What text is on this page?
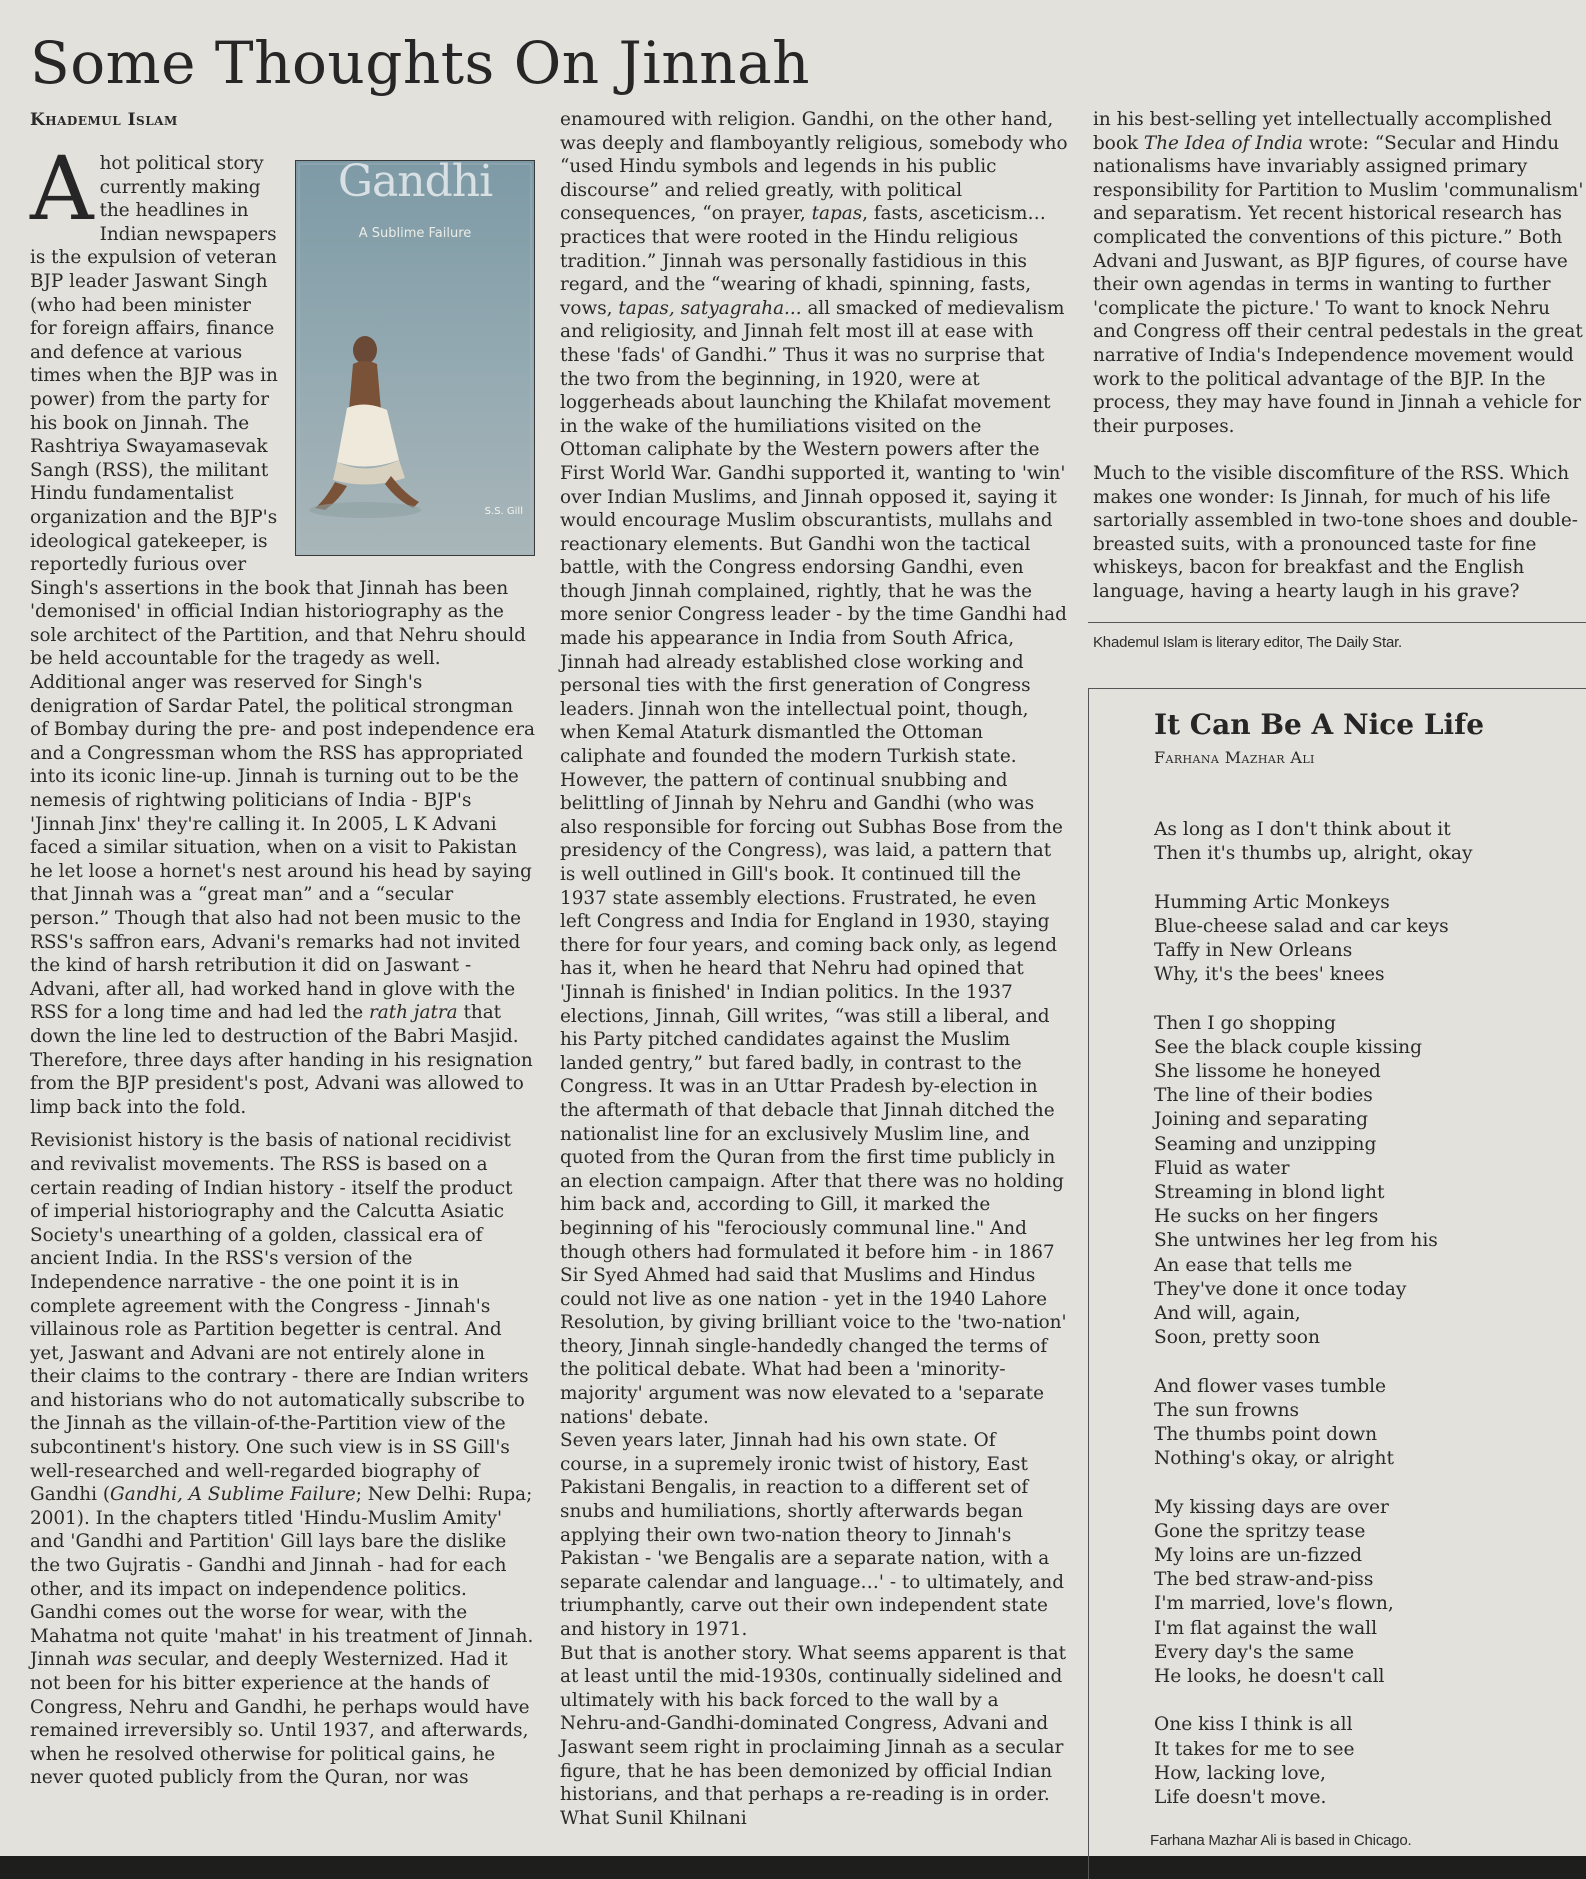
Some Thoughts On Jinnah
Khademul Islam
Gandhi
A Sublime Failure
S.S. Gill

A hot political story currently making the headlines in Indian newspapers is the expulsion of veteran BJP leader Jaswant Singh (who had been minister for foreign affairs, finance and defence at various times when the BJP was in power) from the party for his book on Jinnah. The Rashtriya Swayamasevak Sangh (RSS), the militant Hindu fundamentalist organization and the BJP's ideological gatekeeper, is reportedly furious over Singh's assertions in the book that Jinnah has been 'demonised' in official Indian historiography as the sole architect of the Partition, and that Nehru should be held accountable for the tragedy as well. Additional anger was reserved for Singh's denigration of Sardar Patel, the political strongman of Bombay during the pre- and post independence era and a Congressman whom the RSS has appropriated into its iconic line-up. Jinnah is turning out to be the nemesis of rightwing politicians of India - BJP's 'Jinnah Jinx' they're calling it. In 2005, L K Advani faced a similar situation, when on a visit to Pakistan he let loose a hornet's nest around his head by saying that Jinnah was a “great man” and a “secular person.” Though that also had not been music to the RSS's saffron ears, Advani's remarks had not invited the kind of harsh retribution it did on Jaswant - Advani, after all, had worked hand in glove with the RSS for a long time and had led the rath jatra that down the line led to destruction of the Babri Masjid. Therefore, three days after handing in his resignation from the BJP president's post, Advani was allowed to limp back into the fold.

Revisionist history is the basis of national recidivist and revivalist movements. The RSS is based on a certain reading of Indian history - itself the product of imperial historiography and the Calcutta Asiatic Society's unearthing of a golden, classical era of ancient India. In the RSS's version of the Independence narrative - the one point it is in complete agreement with the Congress - Jinnah's villainous role as Partition begetter is central. And yet, Jaswant and Advani are not entirely alone in their claims to the contrary - there are Indian writers and historians who do not automatically subscribe to the Jinnah as the villain-of-the-Partition view of the subcontinent's history. One such view is in SS Gill's well-researched and well-regarded biography of Gandhi (Gandhi, A Sublime Failure; New Delhi: Rupa; 2001). In the chapters titled 'Hindu-Muslim Amity' and 'Gandhi and Partition' Gill lays bare the dislike the two Gujratis - Gandhi and Jinnah - had for each other, and its impact on independence politics. Gandhi comes out the worse for wear, with the Mahatma not quite 'mahat' in his treatment of Jinnah. Jinnah was secular, and deeply Westernized. Had it not been for his bitter experience at the hands of Congress, Nehru and Gandhi, he perhaps would have remained irreversibly so. Until 1937, and afterwards, when he resolved otherwise for political gains, he never quoted publicly from the Quran, nor was

enamoured with religion. Gandhi, on the other hand, was deeply and flamboyantly religious, somebody who “used Hindu symbols and legends in his public discourse” and relied greatly, with political consequences, “on prayer, tapas, fasts, asceticism…practices that were rooted in the Hindu religious tradition.” Jinnah was personally fastidious in this regard, and the “wearing of khadi, spinning, fasts, vows, tapas, satyagraha... all smacked of medievalism and religiosity, and Jinnah felt most ill at ease with these 'fads' of Gandhi.” Thus it was no surprise that the two from the beginning, in 1920, were at loggerheads about launching the Khilafat movement in the wake of the humiliations visited on the Ottoman caliphate by the Western powers after the First World War. Gandhi supported it, wanting to 'win' over Indian Muslims, and Jinnah opposed it, saying it would encourage Muslim obscurantists, mullahs and reactionary elements. But Gandhi won the tactical battle, with the Congress endorsing Gandhi, even though Jinnah complained, rightly, that he was the more senior Congress leader - by the time Gandhi had made his appearance in India from South Africa, Jinnah had already established close working and personal ties with the first generation of Congress leaders. Jinnah won the intellectual point, though, when Kemal Ataturk dismantled the Ottoman caliphate and founded the modern Turkish state. However, the pattern of continual snubbing and belittling of Jinnah by Nehru and Gandhi (who was also responsible for forcing out Subhas Bose from the presidency of the Congress), was laid, a pattern that is well outlined in Gill's book. It continued till the 1937 state assembly elections. Frustrated, he even left Congress and India for England in 1930, staying there for four years, and coming back only, as legend has it, when he heard that Nehru had opined that 'Jinnah is finished' in Indian politics. In the 1937 elections, Jinnah, Gill writes, “was still a liberal, and his Party pitched candidates against the Muslim landed gentry,” but fared badly, in contrast to the Congress. It was in an Uttar Pradesh by-election in the aftermath of that debacle that Jinnah ditched the nationalist line for an exclusively Muslim line, and quoted from the Quran from the first time publicly in an election campaign. After that there was no holding him back and, according to Gill, it marked the beginning of his "ferociously communal line." And though others had formulated it before him - in 1867 Sir Syed Ahmed had said that Muslims and Hindus could not live as one nation - yet in the 1940 Lahore Resolution, by giving brilliant voice to the 'two-nation' theory, Jinnah single-handedly changed the terms of the political debate. What had been a 'minority-majority' argument was now elevated to a 'separate nations' debate.

Seven years later, Jinnah had his own state. Of course, in a supremely ironic twist of history, East Pakistani Bengalis, in reaction to a different set of snubs and humiliations, shortly afterwards began applying their own two-nation theory to Jinnah's Pakistan - 'we Bengalis are a separate nation, with a separate calendar and language…' - to ultimately, and triumphantly, carve out their own independent state and history in 1971.

But that is another story. What seems apparent is that at least until the mid-1930s, continually sidelined and ultimately with his back forced to the wall by a Nehru-and-Gandhi-dominated Congress, Advani and Jaswant seem right in proclaiming Jinnah as a secular figure, that he has been demonized by official Indian historians, and that perhaps a re-reading is in order. What Sunil Khilnani

in his best-selling yet intellectually accomplished book The Idea of India wrote: “Secular and Hindu nationalisms have invariably assigned primary responsibility for Partition to Muslim 'communalism' and separatism. Yet recent historical research has complicated the conventions of this picture.” Both Advani and Juswant, as BJP figures, of course have their own agendas in terms in wanting to further 'complicate the picture.' To want to knock Nehru and Congress off their central pedestals in the great narrative of India's Independence movement would work to the political advantage of the BJP. In the process, they may have found in Jinnah a vehicle for their purposes.

Much to the visible discomfiture of the RSS. Which makes one wonder: Is Jinnah, for much of his life sartorially assembled in two-tone shoes and double-breasted suits, with a pronounced taste for fine whiskeys, bacon for breakfast and the English language, having a hearty laugh in his grave?

Khademul Islam is literary editor, The Daily Star.
It Can Be A Nice Life
Farhana Mazhar Ali
As long as I don't think about it
Then it's thumbs up, alright, okay
Humming Artic Monkeys
Blue-cheese salad and car keys
Taffy in New Orleans
Why, it's the bees' knees
Then I go shopping
See the black couple kissing
She lissome he honeyed
The line of their bodies
Joining and separating
Seaming and unzipping
Fluid as water
Streaming in blond light
He sucks on her fingers
She untwines her leg from his
An ease that tells me
They've done it once today
And will, again,
Soon, pretty soon
And flower vases tumble
The sun frowns
The thumbs point down
Nothing's okay, or alright
My kissing days are over
Gone the spritzy tease
My loins are un-fizzed
The bed straw-and-piss
I'm married, love's flown,
I'm flat against the wall
Every day's the same
He looks, he doesn't call
One kiss I think is all
It takes for me to see
How, lacking love,
Life doesn't move.
Farhana Mazhar Ali is based in Chicago.
